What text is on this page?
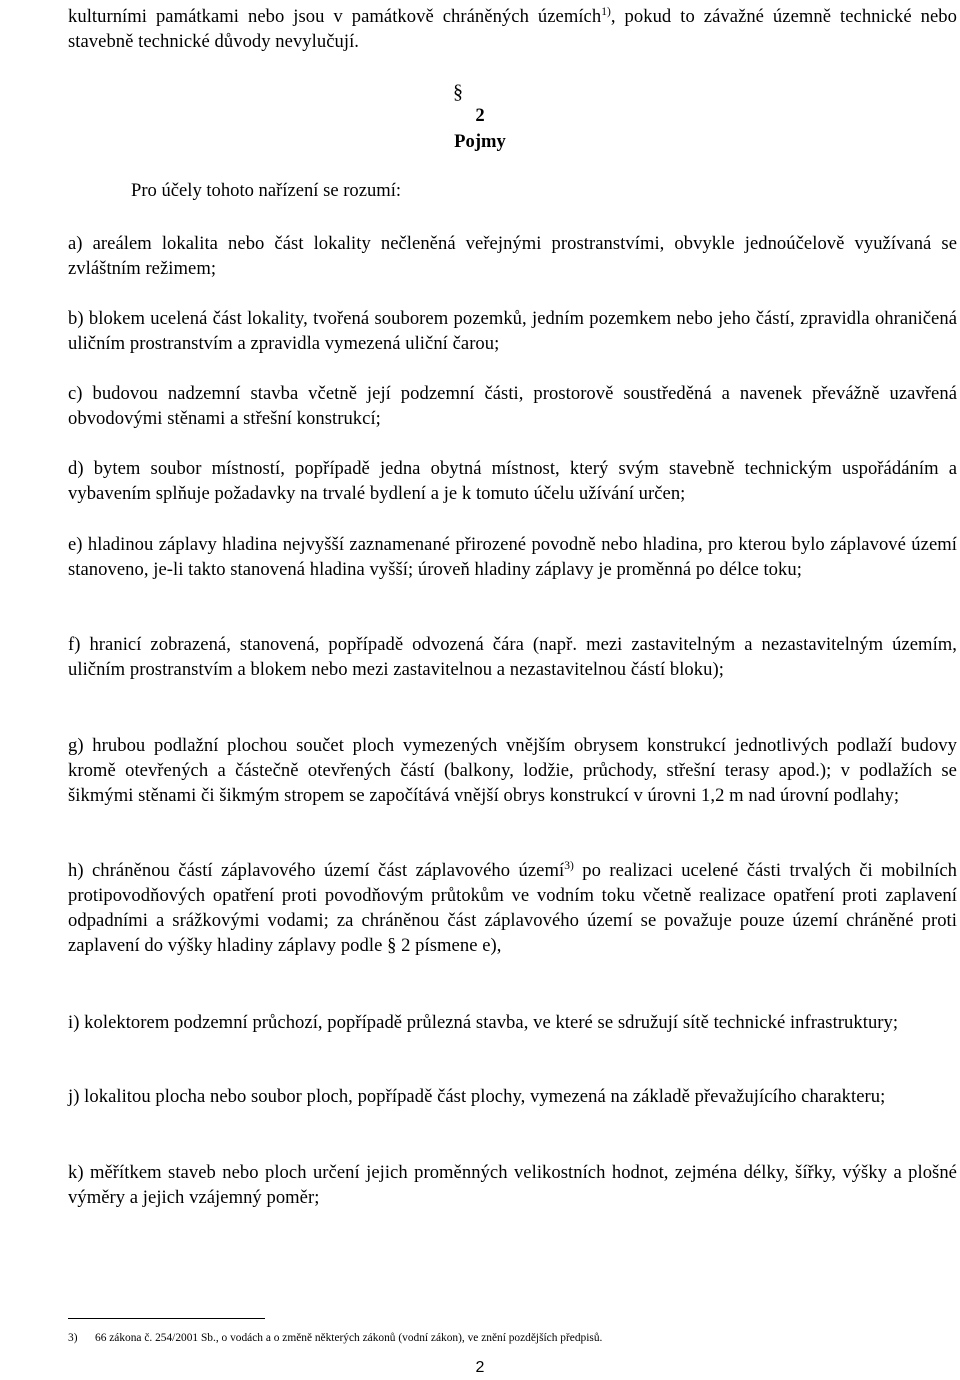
kulturními památkami nebo jsou v památkově chráněných územích$^{1)}$, pokud to závažné územně technické nebo stavebně technické důvody nevylučují.

§

2

Pojmy

Pro účely tohoto nařízení se rozumí:

a) areálem lokalita nebo část lokality nečleněná veřejnými prostranstvími, obvykle jednoúčelově využívaná se zvláštním režimem;

b) blokem ucelená část lokality, tvořená souborem pozemků, jedním pozemkem nebo jeho částí, zpravidla ohraničená uličním prostranstvím a zpravidla vymezená uliční čarou;

c) budovou nadzemní stavba včetně její podzemní části, prostorově soustředěná a navenek převážně uzavřená obvodovými stěnami a střešní konstrukcí;

d) bytem soubor místností, popřípadě jedna obytná místnost, který svým stavebně technickým uspořádáním a vybavením splňuje požadavky na trvalé bydlení a je k tomuto účelu užívání určen;

e) hladinou záplavy hladina nejvyšší zaznamenané přirozené povodně nebo hladina, pro kterou bylo záplavové území stanoveno, je-li takto stanovená hladina vyšší; úroveň hladiny záplavy je proměnná po délce toku;

f) hranicí zobrazená, stanovená, popřípadě odvozená čára (např. mezi zastavitelným a nezastavitelným územím, uličním prostranstvím a blokem nebo mezi zastavitelnou a nezastavitelnou částí bloku);

g) hrubou podlažní plochou součet ploch vymezených vnějším obrysem konstrukcí jednotlivých podlaží budovy kromě otevřených a částečně otevřených částí (balkony, lodžie, průchody, střešní terasy apod.); v podlažích se šikmými stěnami či šikmým stropem se započítává vnější obrys konstrukcí v úrovni 1,2 m nad úrovní podlahy;

h) chráněnou částí záplavového území část záplavového území$^{3)}$ po realizaci ucelené části trvalých či mobilních protipovodňových opatření proti povodňovým průtokům ve vodním toku včetně realizace opatření proti zaplavení odpadními a srážkovými vodami; za chráněnou část záplavového území se považuje pouze území chráněné proti zaplavení do výšky hladiny záplavy podle § 2 písmene e),

i) kolektorem podzemní průchozí, popřípadě průlezná stavba, ve které se sdružují sítě technické infrastruktury;

j) lokalitou plocha nebo soubor ploch, popřípadě část plochy, vymezená na základě převažujícího charakteru;

k) měřítkem staveb nebo ploch určení jejich proměnných velikostních hodnot, zejména délky, šířky, výšky a plošné výměry a jejich vzájemný poměr;

3) 66 zákona č. 254/2001 Sb., o vodách a o změně některých zákonů (vodní zákon), ve znění pozdějších předpisů.

2
